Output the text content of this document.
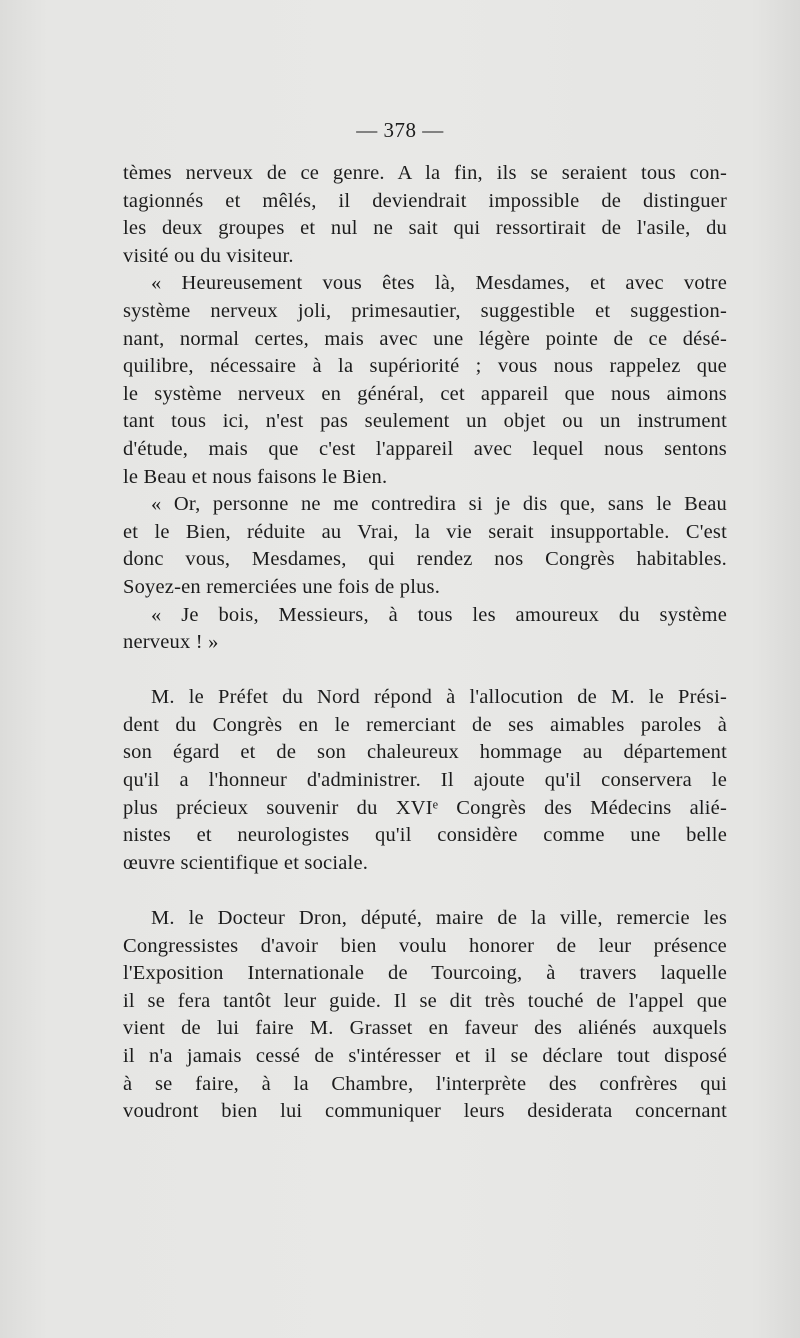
— 378 —
tèmes nerveux de ce genre. A la fin, ils se seraient tous con-
tagionnés et mêlés, il deviendrait impossible de distinguer
les deux groupes et nul ne sait qui ressortirait de l'asile, du
visité ou du visiteur.
« Heureusement vous êtes là, Mesdames, et avec votre
système nerveux joli, primesautier, suggestible et suggestion-
nant, normal certes, mais avec une légère pointe de ce désé-
quilibre, nécessaire à la supériorité ; vous nous rappelez que
le système nerveux en général, cet appareil que nous aimons
tant tous ici, n'est pas seulement un objet ou un instrument
d'étude, mais que c'est l'appareil avec lequel nous sentons
le Beau et nous faisons le Bien.
« Or, personne ne me contredira si je dis que, sans le Beau
et le Bien, réduite au Vrai, la vie serait insupportable. C'est
donc vous, Mesdames, qui rendez nos Congrès habitables.
Soyez-en remerciées une fois de plus.
« Je bois, Messieurs, à tous les amoureux du système
nerveux ! »
M. le Préfet du Nord répond à l'allocution de M. le Prési-
dent du Congrès en le remerciant de ses aimables paroles à
son égard et de son chaleureux hommage au département
qu'il a l'honneur d'administrer. Il ajoute qu'il conservera le
plus précieux souvenir du XVIᵉ Congrès des Médecins alié-
nistes et neurologistes qu'il considère comme une belle
œuvre scientifique et sociale.
M. le Docteur Dron, député, maire de la ville, remercie les
Congressistes d'avoir bien voulu honorer de leur présence
l'Exposition Internationale de Tourcoing, à travers laquelle
il se fera tantôt leur guide. Il se dit très touché de l'appel que
vient de lui faire M. Grasset en faveur des aliénés auxquels
il n'a jamais cessé de s'intéresser et il se déclare tout disposé
à se faire, à la Chambre, l'interprète des confrères qui
voudront bien lui communiquer leurs desiderata concernant
